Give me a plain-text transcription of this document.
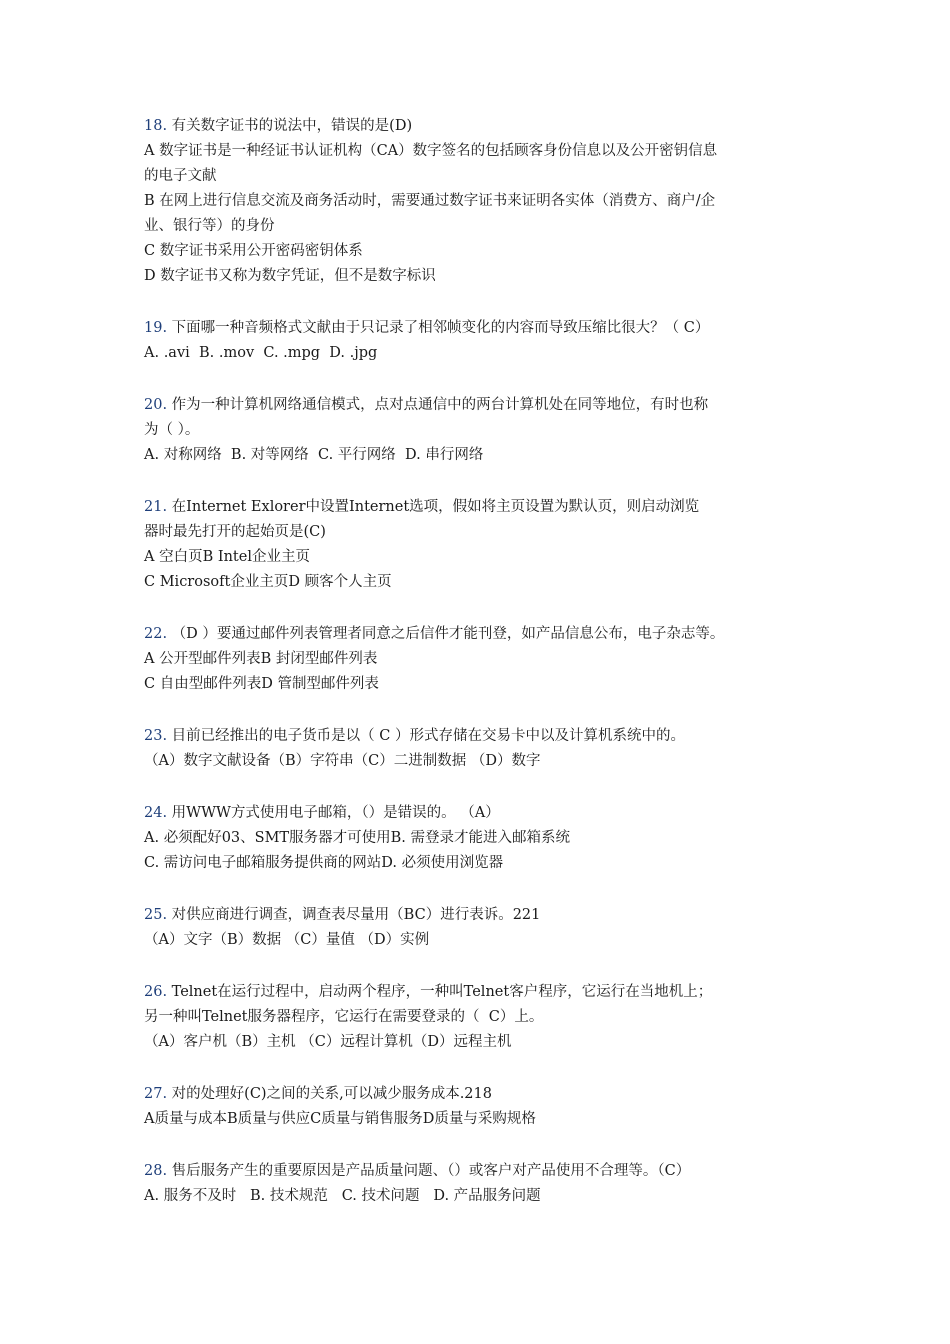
18. 有关数字证书的说法中，错误的是(D)
A 数字证书是一种经证书认证机构（CA）数字签名的包括顾客身份信息以及公开密钥信息
的电子文献
B 在网上进行信息交流及商务活动时，需要通过数字证书来证明各实体（消费方、商户/企
业、银行等）的身份
C 数字证书采用公开密码密钥体系
D 数字证书又称为数字凭证，但不是数字标识
19. 下面哪一种音频格式文献由于只记录了相邻帧变化的内容而导致压缩比很大？（ C）
A. .avi  B. .mov  C. .mpg  D. .jpg
20. 作为一种计算机网络通信模式，点对点通信中的两台计算机处在同等地位，有时也称
为（ ）。
A. 对称网络  B. 对等网络  C. 平行网络  D. 串行网络
21. 在Internet Exlorer中设置Internet选项，假如将主页设置为默认页，则启动浏览
器时最先打开的起始页是(C)
A 空白页B Intel企业主页
C Microsoft企业主页D 顾客个人主页
22. （D ）要通过邮件列表管理者同意之后信件才能刊登，如产品信息公布，电子杂志等。
A 公开型邮件列表B 封闭型邮件列表
C 自由型邮件列表D 管制型邮件列表
23. 目前已经推出的电子货币是以（ C ）形式存储在交易卡中以及计算机系统中的。
（A）数字文献设备（B）字符串（C）二进制数据 （D）数字
24. 用WWW方式使用电子邮箱，（）是错误的。 （A）
A. 必须配好03、SMT服务器才可使用B. 需登录才能进入邮箱系统
C. 需访问电子邮箱服务提供商的网站D. 必须使用浏览器
25. 对供应商进行调查，调查表尽量用（BC）进行表诉。221
（A）文字（B）数据 （C）量值 （D）实例
26. Telnet在运行过程中，启动两个程序，一种叫Telnet客户程序，它运行在当地机上；
另一种叫Telnet服务器程序，它运行在需要登录的（  C）上。
（A）客户机（B）主机 （C）远程计算机（D）远程主机
27. 对的处理好(C)之间的关系,可以减少服务成本.218
A质量与成本B质量与供应C质量与销售服务D质量与采购规格
28. 售后服务产生的重要原因是产品质量问题、（）或客户对产品使用不合理等。（C）
A. 服务不及时   B. 技术规范   C. 技术问题   D. 产品服务问题
